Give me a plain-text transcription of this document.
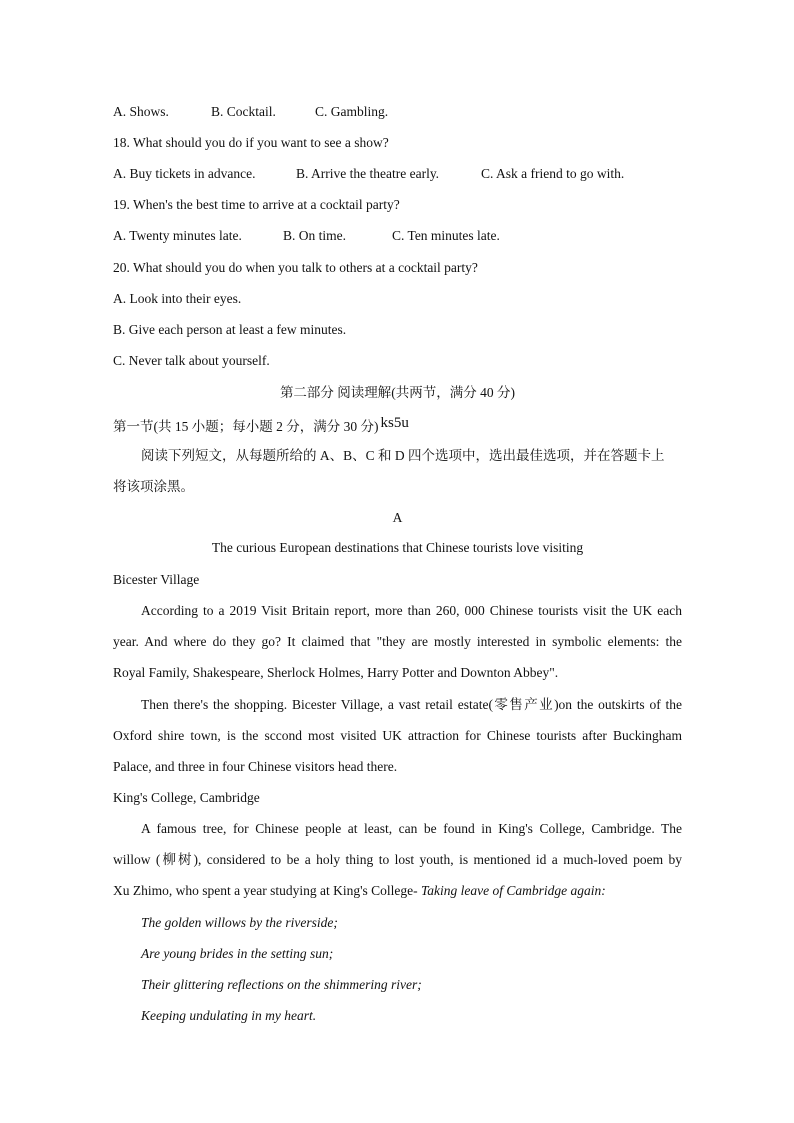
A. Shows.	B. Cocktail.	C. Gambling.
18. What should you do if you want to see a show?
A. Buy tickets in advance.	B. Arrive the theatre early.	C. Ask a friend to go with.
19. When's the best time to arrive at a cocktail party?
A. Twenty minutes late.	B. On time.	C. Ten minutes late.
20. What should you do when you talk to others at a cocktail party?
A. Look into their eyes.
B. Give each person at least a few minutes.
C. Never talk about yourself.
第二部分 阅读理解(共两节，满分 40 分)
第一节(共 15 小题；每小题 2 分，满分 30 分) ks5u
阅读下列短文，从每题所给的 A、B、C 和 D 四个选项中，选出最佳选项，并在答题卡上
将该项涂黑。
A
The curious European destinations that Chinese tourists love visiting
Bicester Village
According to a 2019 Visit Britain report, more than 260, 000 Chinese tourists visit the UK each
year. And where do they go? It claimed that "they are mostly interested in symbolic elements: the
Royal Family, Shakespeare, Sherlock Holmes, Harry Potter and Downton Abbey".
Then there's the shopping. Bicester Village, a vast retail estate(零售产业)on the outskirts of the
Oxford shire town, is the sccond most visited UK attraction for Chinese tourists after Buckingham
Palace, and three in four Chinese visitors head there.
King's College, Cambridge
A famous tree, for Chinese people at least, can be found in King's College, Cambridge. The
willow (柳树), considered to be a holy thing to lost youth, is mentioned id a much-loved poem by
Xu Zhimo, who spent a year studying at King's College- Taking leave of Cambridge again:
The golden willows by the riverside;
Are young brides in the setting sun;
Their glittering reflections on the shimmering river;
Keeping undulating in my heart.
